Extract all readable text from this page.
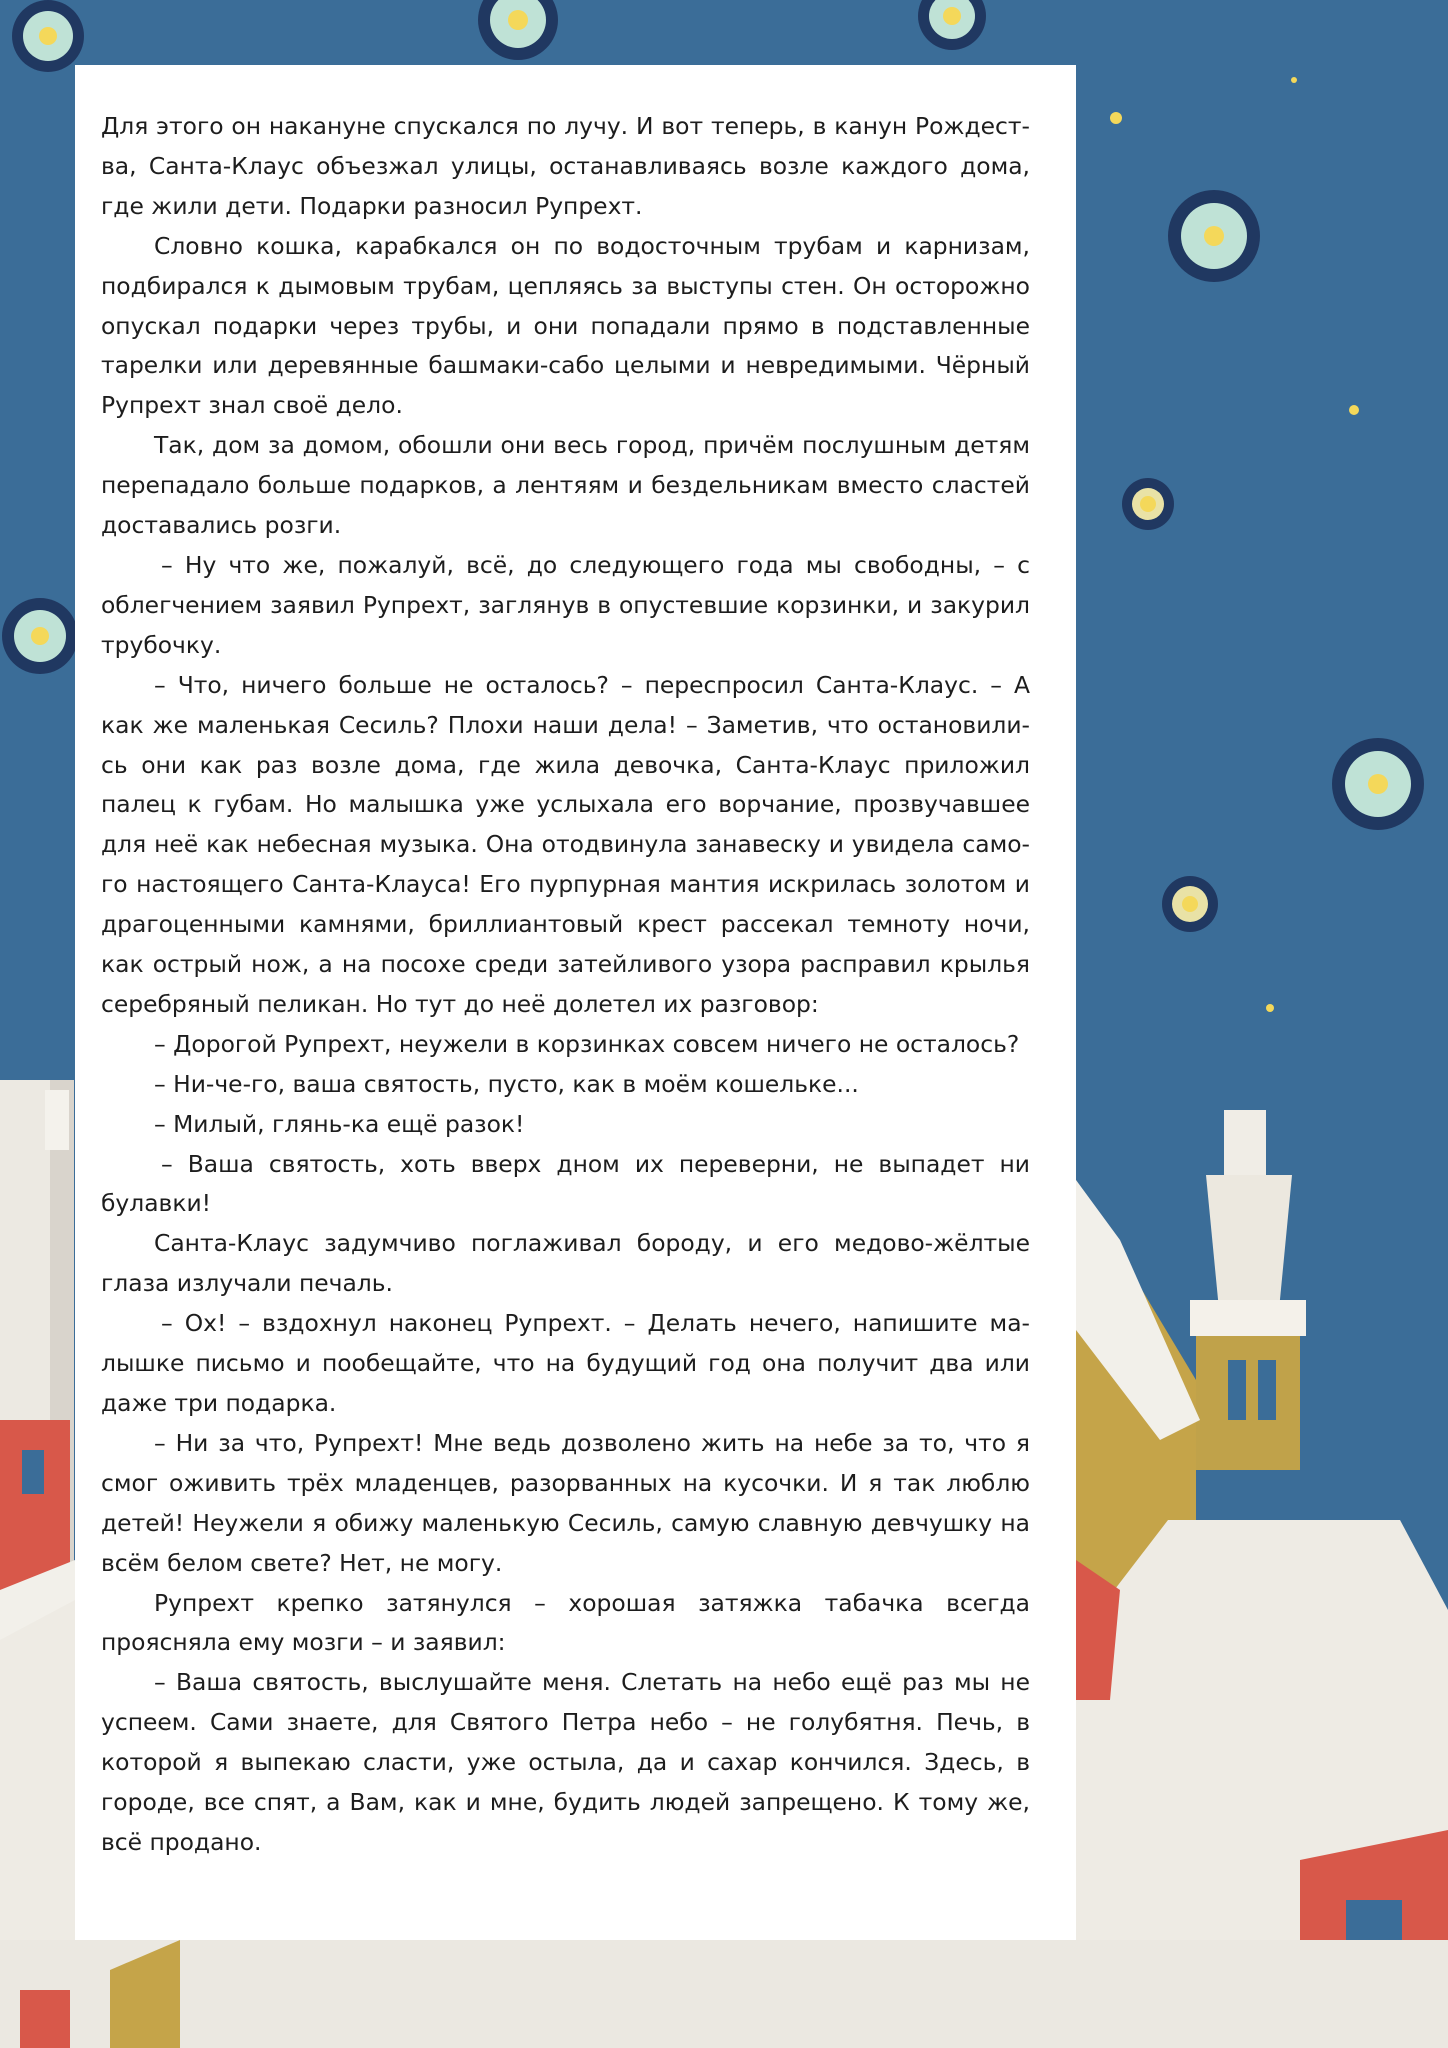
Для этого он накануне спускался по лучу. И вот теперь, в канун Рождества, Санта-Клаус объезжал улицы, останавливаясь возле каждого дома, где жили дети. Подарки разносил Рупрехт.

Словно кошка, карабкался он по водосточным трубам и карнизам, подбирался к дымовым трубам, цепляясь за выступы стен. Он осторожно опускал подарки через трубы, и они попадали прямо в подставленные тарелки или деревянные башмаки-сабо целыми и невредимыми. Чёрный Рупрехт знал своё дело.

Так, дом за домом, обошли они весь город, причём послушным детям перепадало больше подарков, а лентяям и бездельникам вместо сластей доставались розги.

– Ну что же, пожалуй, всё, до следующего года мы свободны, – с облегчением заявил Рупрехт, заглянув в опустевшие корзинки, и закурил трубочку.

– Что, ничего больше не осталось? – переспросил Санта-Клаус. – А как же маленькая Сесиль? Плохи наши дела! – Заметив, что остановились они как раз возле дома, где жила девочка, Санта-Клаус приложил палец к губам. Но малышка уже услыхала его ворчание, прозвучавшее для неё как небесная музыка. Она отодвинула занавеску и увидела самого настоящего Санта-Клауса! Его пурпурная мантия искрилась золотом и драгоценными камнями, бриллиантовый крест рассекал темноту ночи, как острый нож, а на посохе среди затейливого узора расправил крылья серебряный пеликан. Но тут до неё долетел их разговор:

– Дорогой Рупрехт, неужели в корзинках совсем ничего не осталось?

– Ни-че-го, ваша святость, пусто, как в моём кошельке...

– Милый, глянь-ка ещё разок!

– Ваша святость, хоть вверх дном их переверни, не выпадет ни булавки!

Санта-Клаус задумчиво поглаживал бороду, и его медово-жёлтые глаза излучали печаль.

– Ох! – вздохнул наконец Рупрехт. – Делать нечего, напишите малышке письмо и пообещайте, что на будущий год она получит два или даже три подарка.

– Ни за что, Рупрехт! Мне ведь дозволено жить на небе за то, что я смог оживить трёх младенцев, разорванных на кусочки. И я так люблю детей! Неужели я обижу маленькую Сесиль, самую славную девчушку на всём белом свете? Нет, не могу.

Рупрехт крепко затянулся – хорошая затяжка табачка всегда проясняла ему мозги – и заявил:

– Ваша святость, выслушайте меня. Слетать на небо ещё раз мы не успеем. Сами знаете, для Святого Петра небо – не голубятня. Печь, в которой я выпекаю сласти, уже остыла, да и сахар кончился. Здесь, в городе, все спят, а Вам, как и мне, будить людей запрещено. К тому же, всё продано.
